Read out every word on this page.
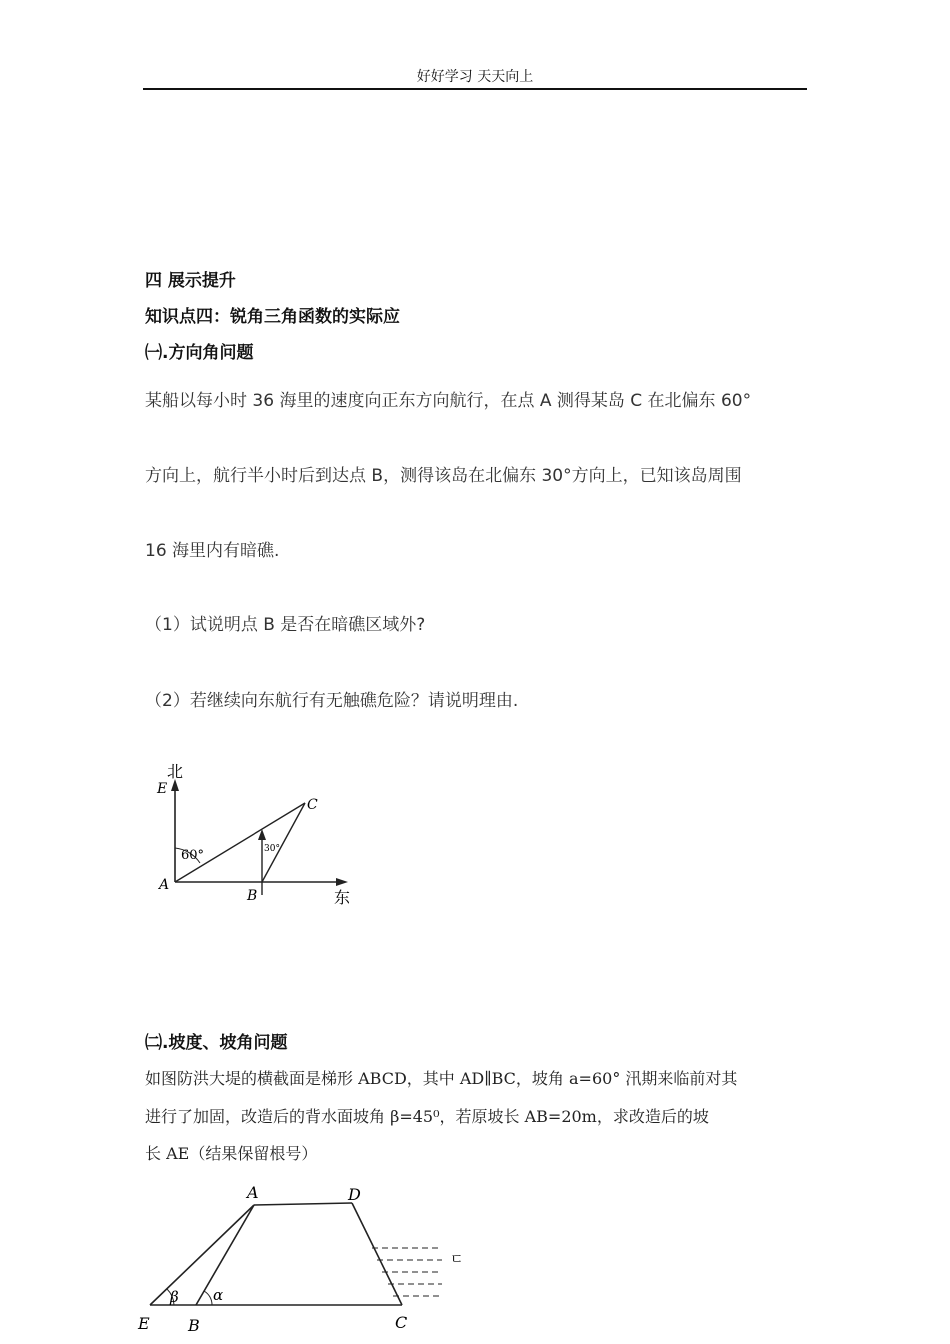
好好学习 天天向上
四 展示提升
知识点四：锐角三角函数的实际应
㈠.方向角问题
某船以每小时 36 海里的速度向正东方向航行，在点 A 测得某岛 C 在北偏东 60°
方向上，航行半小时后到达点 B，测得该岛在北偏东 30°方向上，已知该岛周围
16 海里内有暗礁.
（1）试说明点 B 是否在暗礁区域外?
（2）若继续向东航行有无触礁危险？请说明理由.
北
E
60°	30°
A
B
C
东
㈡.坡度、坡角问题
如图防洪大堤的横截面是梯形 ABCD，其中 AD∥BC，坡角 a=60° 汛期来临前对其
进行了加固，改造后的背水面坡角 β=45⁰，若原坡长 AB=20m，求改造后的坡
长 AE（结果保留根号）
A	D
β α
E B	C
ㄷ
